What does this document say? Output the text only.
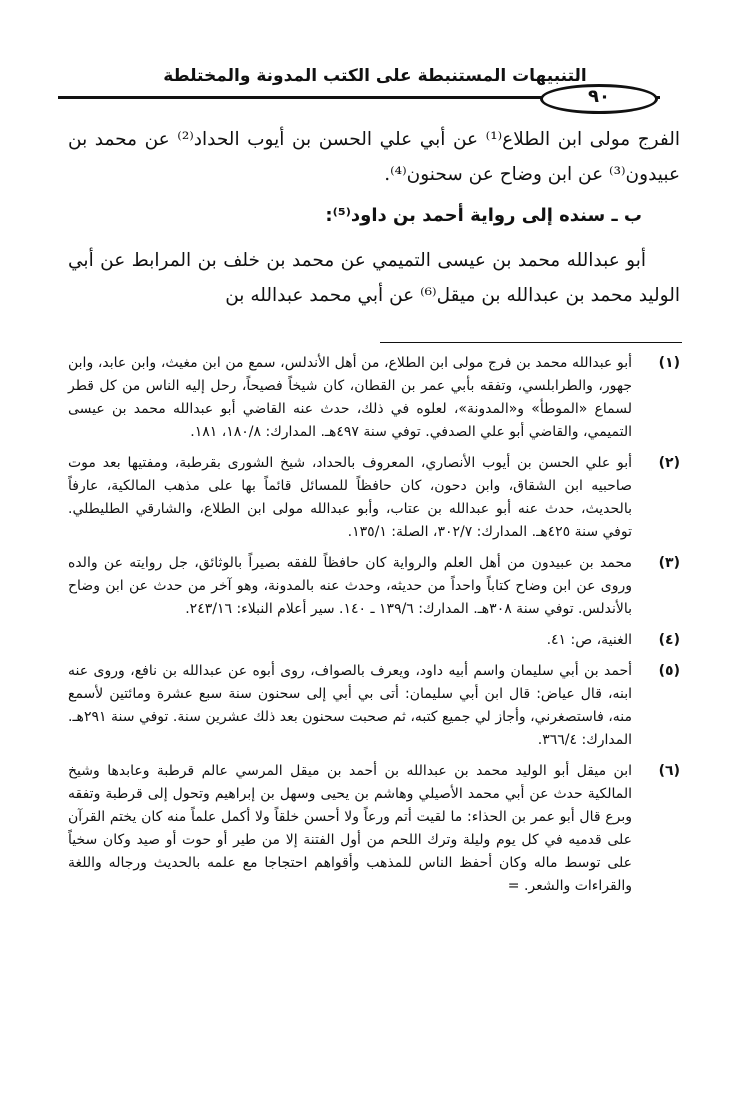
التنبيهات المستنبطة على الكتب المدونة والمختلطة
٩٠

الفرج مولى ابن الطلاع⁽¹⁾ عن أبي علي الحسن بن أيوب الحداد⁽²⁾ عن محمد بن عبيدون⁽³⁾ عن ابن وضاح عن سحنون⁽⁴⁾.

ب ـ سنده إلى رواية أحمد بن داود⁽⁵⁾:

أبو عبدالله محمد بن عيسى التميمي عن محمد بن خلف بن المرابط عن أبي الوليد محمد بن عبدالله بن ميقل⁽⁶⁾ عن أبي محمد عبدالله بن

(١)
أبو عبدالله محمد بن فرج مولى ابن الطلاع، من أهل الأندلس، سمع من ابن مغيث، وابن عابد، وابن جهور، والطرابلسي، وتفقه بأبي عمر بن القطان، كان شيخاً فصيحاً، رحل إليه الناس من كل قطر لسماع «الموطأ» و«المدونة»، لعلوه في ذلك، حدث عنه القاضي أبو عبدالله محمد بن عيسى التميمي، والقاضي أبو علي الصدفي. توفي سنة ٤٩٧هـ. المدارك: ١٨٠/٨، ١٨١.
(٢)
أبو علي الحسن بن أيوب الأنصاري، المعروف بالحداد، شيخ الشورى بقرطبة، ومفتيها بعد موت صاحبيه ابن الشقاق، وابن دحون، كان حافظاً للمسائل قائماً بها على مذهب المالكية، عارفاً بالحديث، حدث عنه أبو عبدالله بن عتاب، وأبو عبدالله مولى ابن الطلاع، والشارقي الطليطلي. توفي سنة ٤٢٥هـ. المدارك: ٣٠٢/٧، الصلة: ١٣٥/١.
(٣)
محمد بن عبيدون من أهل العلم والرواية كان حافظاً للفقه بصيراً بالوثائق، جل روايته عن والده وروى عن ابن وضاح كتاباً واحداً من حديثه، وحدث عنه بالمدونة، وهو آخر من حدث عن ابن وضاح بالأندلس. توفي سنة ٣٠٨هـ. المدارك: ١٣٩/٦ ـ ١٤٠. سير أعلام النبلاء: ٢٤٣/١٦.
(٤)
الغنية، ص: ٤١.
(٥)
أحمد بن أبي سليمان واسم أبيه داود، ويعرف بالصواف، روى أبوه عن عبدالله بن نافع، وروى عنه ابنه، قال عياض: قال ابن أبي سليمان: أتى بي أبي إلى سحنون سنة سبع عشرة ومائتين لأسمع منه، فاستصغرني، وأجاز لي جميع كتبه، ثم صحبت سحنون بعد ذلك عشرين سنة. توفي سنة ٢٩١هـ. المدارك: ٣٦٦/٤.
(٦)
ابن ميقل أبو الوليد محمد بن عبدالله بن أحمد بن ميقل المرسي عالم قرطبة وعابدها وشيخ المالكية حدث عن أبي محمد الأصيلي وهاشم بن يحيى وسهل بن إبراهيم وتحول إلى قرطبة وتفقه وبرع قال أبو عمر بن الحذاء: ما لقيت أتم ورعاً ولا أحسن خلقاً ولا أكمل علماً منه كان يختم القرآن على قدميه في كل يوم وليلة وترك اللحم من أول الفتنة إلا من طير أو حوت أو صيد وكان سخياً على توسط ماله وكان أحفظ الناس للمذهب وأقواهم احتجاجا مع علمه بالحديث ورجاله واللغة والقراءات والشعر. =
